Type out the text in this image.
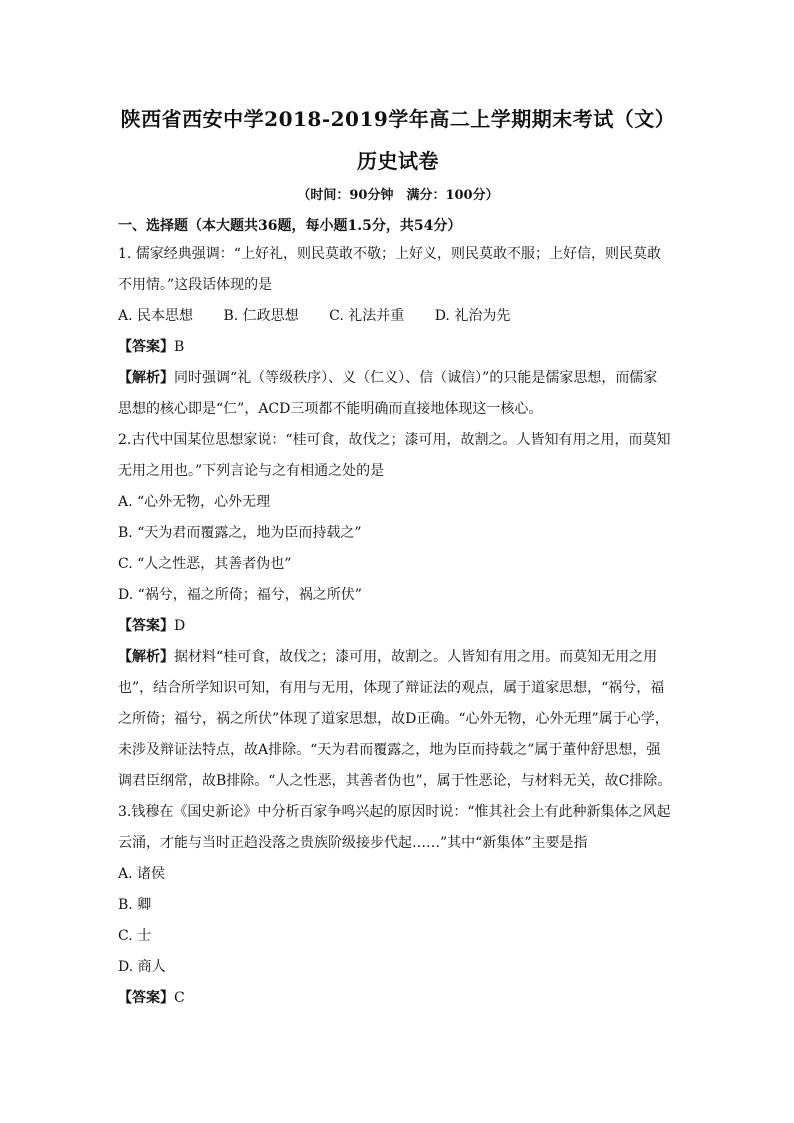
陕西省西安中学2018-2019学年高二上学期期末考试（文）
历史试卷
（时间：90分钟　满分：100分）
一、选择题（本大题共36题，每小题1.5分，共54分）
1. 儒家经典强调：“上好礼，则民莫敢不敬；上好义，则民莫敢不服；上好信，则民莫敢
不用情。”这段话体现的是
A. 民本思想 B. 仁政思想 C. 礼法并重 D. 礼治为先
【答案】B
【解析】同时强调“礼（等级秩序）、义（仁义）、信（诚信）”的只能是儒家思想，而儒家
思想的核心即是“仁”，ACD三项都不能明确而直接地体现这一核心。
2.古代中国某位思想家说：“桂可食，故伐之；漆可用，故割之。人皆知有用之用，而莫知
无用之用也。”下列言论与之有相通之处的是
A. “心外无物，心外无理
B. “天为君而覆露之，地为臣而持载之”
C. “人之性恶，其善者伪也”
D. “祸兮，福之所倚；福兮，祸之所伏”
【答案】D
【解析】据材料“桂可食，故伐之；漆可用，故割之。人皆知有用之用。而莫知无用之用
也”，结合所学知识可知，有用与无用，体现了辩证法的观点，属于道家思想，“祸兮，福
之所倚；福兮，祸之所伏”体现了道家思想，故D正确。“心外无物，心外无理”属于心学，
未涉及辩证法特点，故A排除。“天为君而覆露之，地为臣而持载之”属于董仲舒思想，强
调君臣纲常，故B排除。“人之性恶，其善者伪也”，属于性恶论，与材料无关，故C排除。
3.钱穆在《国史新论》中分析百家争鸣兴起的原因时说：“惟其社会上有此种新集体之风起
云涌，才能与当时正趋没落之贵族阶级接步代起……”其中“新集体”主要是指
A. 诸侯
B. 卿
C. 士
D. 商人
【答案】C
